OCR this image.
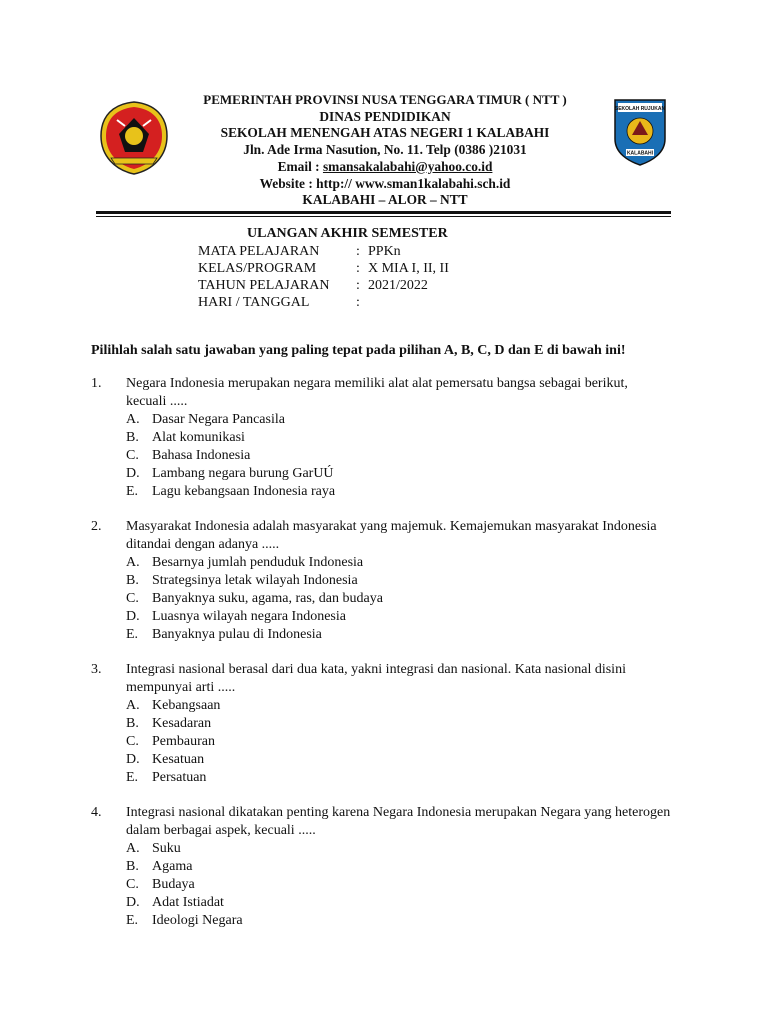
PEMERINTAH PROVINSI NUSA TENGGARA TIMUR ( NTT )
DINAS PENDIDIKAN
SEKOLAH MENENGAH ATAS NEGERI 1 KALABAHI
Jln. Ade Irma Nasution, No. 11. Telp (0386 )21031
Email : smansakalabahi@yahoo.co.id
Website : http:// www.sman1kalabahi.sch.id
KALABAHI – ALOR – NTT
SEKOLAH RUJUKAN
KALABAHI
ULANGAN AKHIR SEMESTER
MATA PELAJARAN	: PPKn
KELAS/PROGRAM	: X MIA I, II, II
TAHUN PELAJARAN	: 2021/2022
HARI / TANGGAL	:
Pilihlah salah satu jawaban yang paling tepat pada pilihan A, B, C, D dan E di bawah ini!
1.	Negara Indonesia merupakan negara memiliki alat alat pemersatu bangsa sebagai berikut, kecuali .....
A. Dasar Negara Pancasila
B. Alat komunikasi
C. Bahasa Indonesia
D. Lambang negara burung GarUÚ
E. Lagu kebangsaan Indonesia raya
2.	Masyarakat Indonesia adalah masyarakat yang majemuk. Kemajemukan masyarakat Indonesia ditandai dengan adanya .....
A. Besarnya jumlah penduduk Indonesia
B. Strategsinya letak wilayah Indonesia
C. Banyaknya suku, agama, ras, dan budaya
D. Luasnya wilayah negara Indonesia
E. Banyaknya pulau di Indonesia
3.	Integrasi nasional berasal dari dua kata, yakni integrasi dan nasional. Kata nasional disini mempunyai arti .....
A. Kebangsaan
B. Kesadaran
C. Pembauran
D. Kesatuan
E. Persatuan
4.	Integrasi nasional dikatakan penting karena Negara Indonesia merupakan Negara yang heterogen dalam berbagai aspek, kecuali .....
A. Suku
B. Agama
C. Budaya
D. Adat Istiadat
E. Ideologi Negara
